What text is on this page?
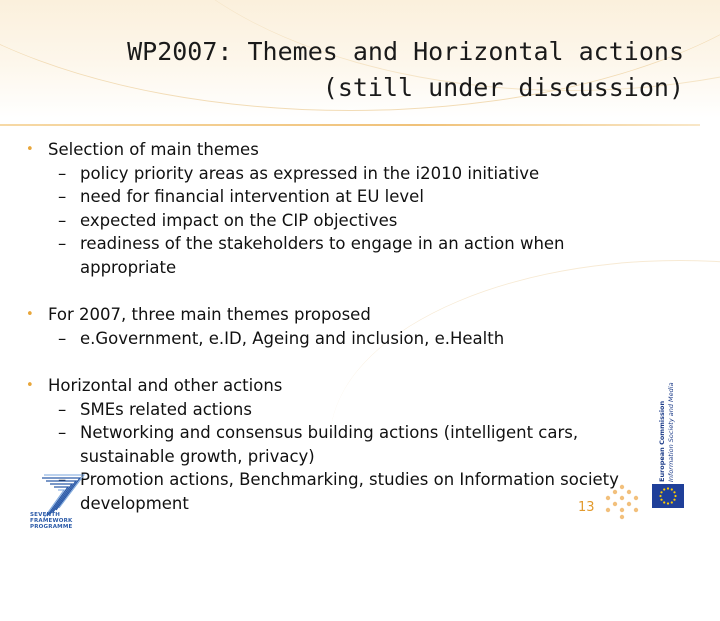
WP2007: Themes and Horizontal actions
(still under discussion)
• Selection of main themes
– policy priority areas as expressed in the i2010 initiative
– need for financial intervention at EU level
– expected impact on the CIP objectives
– readiness of the stakeholders to engage in an action when appropriate
• For 2007, three main themes proposed
– e.Government, e.ID, Ageing and inclusion, e.Health
• Horizontal and other actions
– SMEs related actions
– Networking and consensus building actions (intelligent cars, sustainable growth, privacy)
– Promotion actions, Benchmarking, studies on Information society development
SEVENTH FRAMEWORK PROGRAMME
13
European Commission
Information Society and Media
